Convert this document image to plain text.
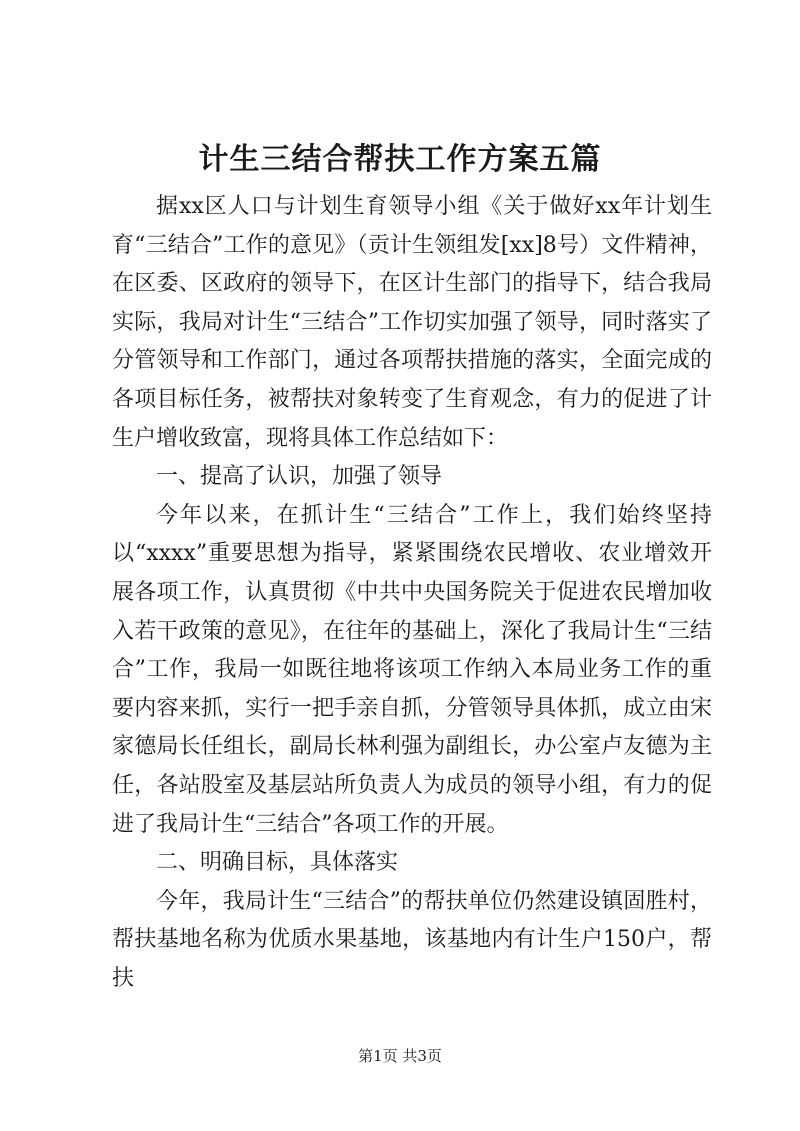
计生三结合帮扶工作方案五篇

据xx区人口与计划生育领导小组《关于做好xx年计划生育“三结合”工作的意见》（贡计生领组发[xx]8号）文件精神，在区委、区政府的领导下，在区计生部门的指导下，结合我局实际，我局对计生“三结合”工作切实加强了领导，同时落实了分管领导和工作部门，通过各项帮扶措施的落实，全面完成的各项目标任务，被帮扶对象转变了生育观念，有力的促进了计生户增收致富，现将具体工作总结如下：

一、提高了认识，加强了领导

今年以来，在抓计生“三结合”工作上，我们始终坚持以“xxxx”重要思想为指导，紧紧围绕农民增收、农业增效开展各项工作，认真贯彻《中共中央国务院关于促进农民增加收入若干政策的意见》，在往年的基础上，深化了我局计生“三结合”工作，我局一如既往地将该项工作纳入本局业务工作的重要内容来抓，实行一把手亲自抓，分管领导具体抓，成立由宋家德局长任组长，副局长林利强为副组长，办公室卢友德为主任，各站股室及基层站所负责人为成员的领导小组，有力的促进了我局计生“三结合”各项工作的开展。

二、明确目标，具体落实

今年，我局计生“三结合”的帮扶单位仍然建设镇固胜村，帮扶基地名称为优质水果基地，该基地内有计生户150户，帮扶

第1页 共3页
